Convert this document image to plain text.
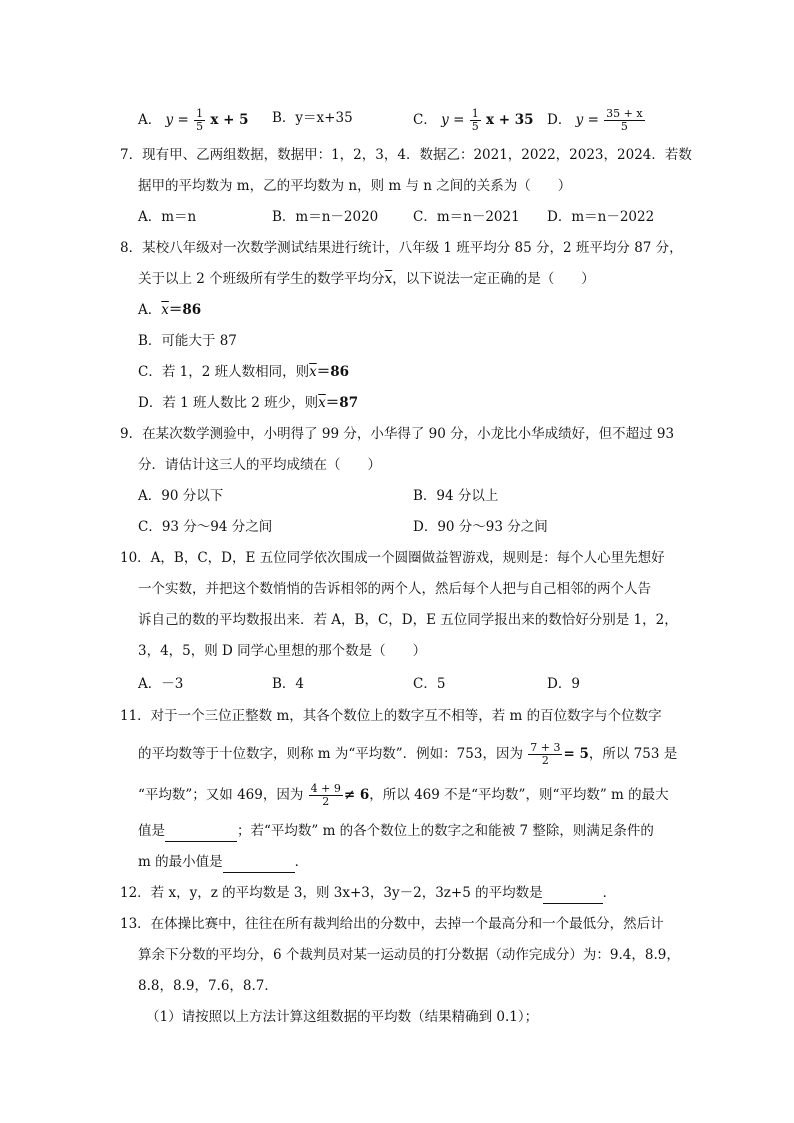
A． $y = \frac{1}{5}$ x + 5 B．y＝x+35	C． $y = \frac{1}{5}$ x + 35 D． $y = \frac{35 + x}{5}$
7．现有甲、乙两组数据，数据甲：1，2，3，4．数据乙：2021，2022，2023，2024．若数
据甲的平均数为 m，乙的平均数为 n，则 m 与 n 之间的关系为（　　）
A．m＝n	B．m＝n－2020	C．m＝n－2021 D．m＝n－2022
8．某校八年级对一次数学测试结果进行统计，八年级 1 班平均分 85 分，2 班平均分 87 分，
关于以上 2 个班级所有学生的数学平均分$\overline{x}$，以下说法一定正确的是（　　）
A．$\overline{x}=86$
B．可能大于 87
C．若 1，2 班人数相同，则$\overline{x}=86$
D．若 1 班人数比 2 班少，则$\overline{x}=87$
9．在某次数学测验中，小明得了 99 分，小华得了 90 分，小龙比小华成绩好，但不超过 93
分．请估计这三人的平均成绩在（　　）
A．90 分以下	B．94 分以上
C．93 分～94 分之间	D．90 分～93 分之间
10．A，B，C，D，E 五位同学依次围成一个圆圈做益智游戏，规则是：每个人心里先想好
一个实数，并把这个数悄悄的告诉相邻的两个人，然后每个人把与自己相邻的两个人告
诉自己的数的平均数报出来．若 A，B，C，D，E 五位同学报出来的数恰好分别是 1，2，
3，4，5，则 D 同学心里想的那个数是（　　）
A．－3	B．4	C．5	D．9
11．对于一个三位正整数 m，其各个数位上的数字互不相等，若 m 的百位数字与个位数字
的平均数等于十位数字，则称 m 为“平均数”．例如：753，因为 $\frac{7 + 3}{2} = 5$，所以 753 是
“平均数”；又如 469，因为 $\frac{4 + 9}{2} \ne 6$，所以 469 不是“平均数”，则“平均数” m 的最大
值是	；若“平均数” m 的各个数位上的数字之和能被 7 整除，则满足条件的
m 的最小值是	．
12．若 x，y，z 的平均数是 3，则 3x+3，3y－2，3z+5 的平均数是	．
13．在体操比赛中，往往在所有裁判给出的分数中，去掉一个最高分和一个最低分，然后计
算余下分数的平均分，6 个裁判员对某一运动员的打分数据（动作完成分）为：9.4，8.9，
8.8，8.9，7.6，8.7．
（1）请按照以上方法计算这组数据的平均数（结果精确到 0.1）；
